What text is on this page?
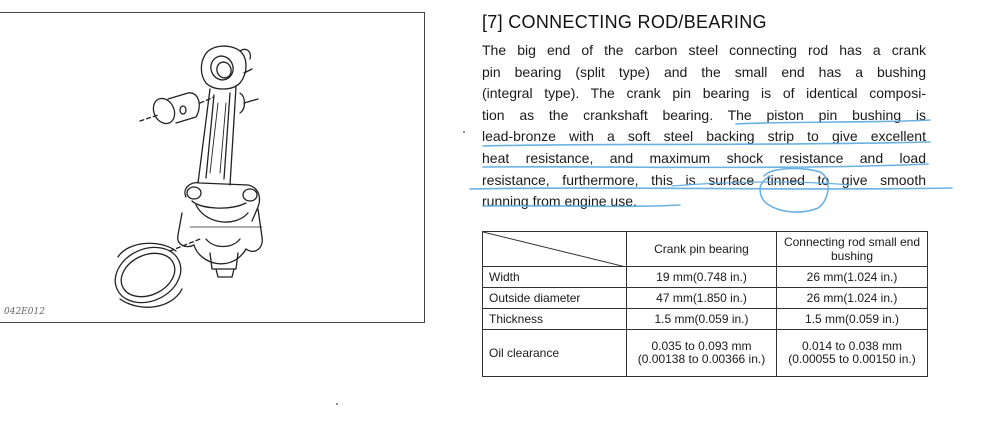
042E012
[7] CONNECTING ROD/BEARING
The big end of the carbon steel connecting rod has a crank
pin bearing (split type) and the small end has a bushing
(integral type). The crank pin bearing is of identical composi-
tion as the crankshaft bearing. The piston pin bushing is
lead-bronze with a soft steel backing strip to give excellent
heat resistance, and maximum shock resistance and load
resistance, furthermore, this is surface tinned to give smooth
running from engine use.
	Crank pin bearing	Connecting rod small end bushing
Width	19 mm(0.748 in.)	26 mm(1.024 in.)
Outside diameter	47 mm(1.850 in.)	26 mm(1.024 in.)
Thickness	1.5 mm(0.059 in.)	1.5 mm(0.059 in.)
Oil clearance	0.035 to 0.093 mm (0.00138 to 0.00366 in.)	0.014 to 0.038 mm (0.00055 to 0.00150 in.)
